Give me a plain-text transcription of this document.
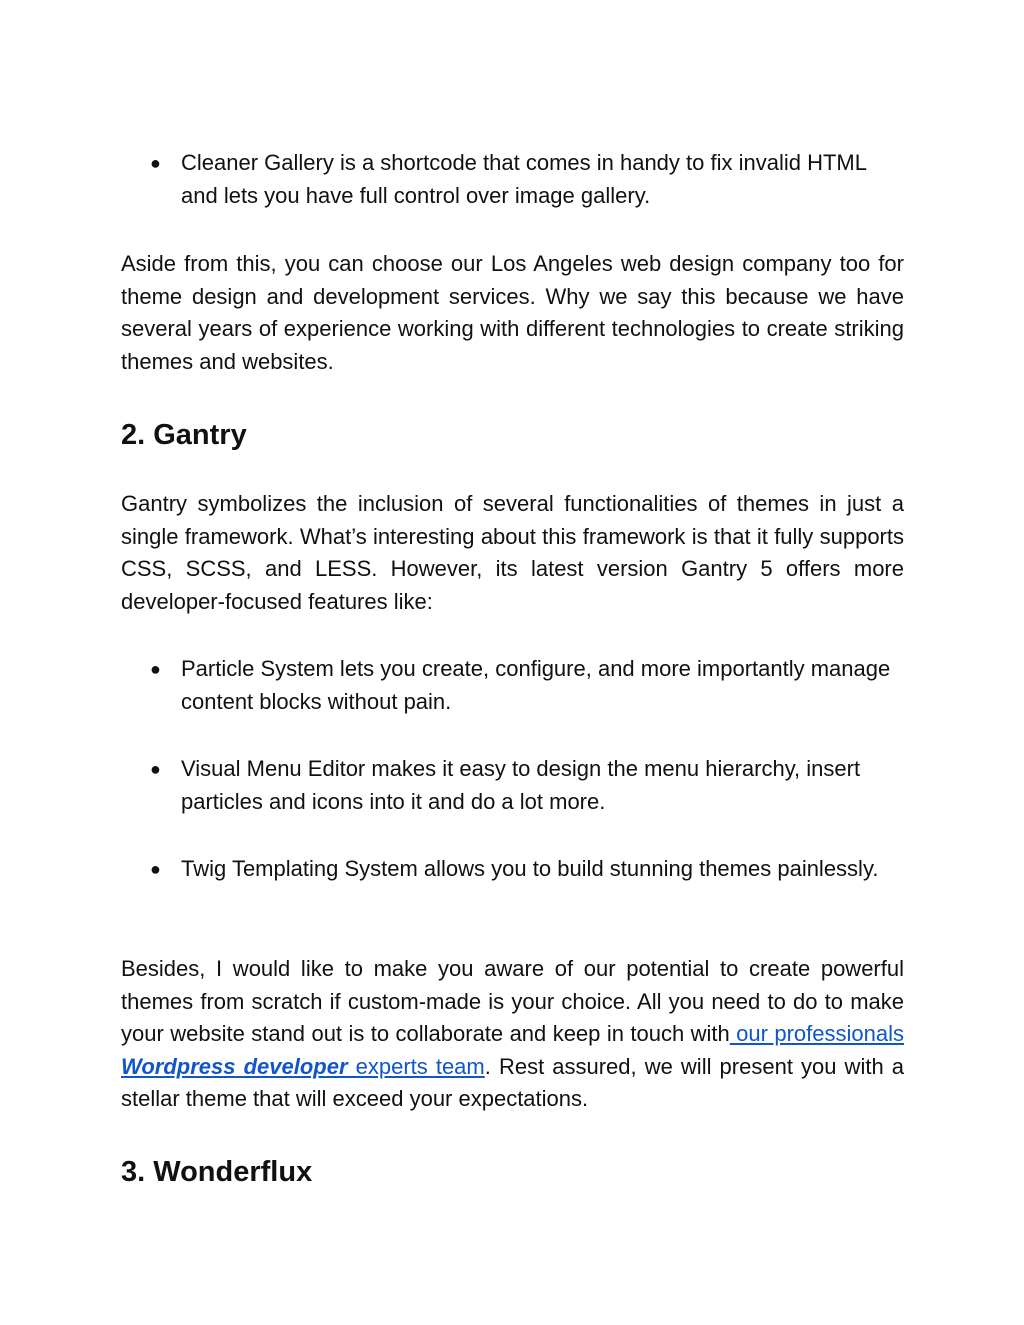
● Cleaner Gallery is a shortcode that comes in handy to fix invalid HTML and lets you have full control over image gallery.

Aside from this, you can choose our Los Angeles web design company too for theme design and development services. Why we say this because we have several years of experience working with different technologies to create striking themes and websites.

2. Gantry

Gantry symbolizes the inclusion of several functionalities of themes in just a single framework. What’s interesting about this framework is that it fully supports CSS, SCSS, and LESS. However, its latest version Gantry 5 offers more developer-focused features like:

● Particle System lets you create, configure, and more importantly manage content blocks without pain.

● Visual Menu Editor makes it easy to design the menu hierarchy, insert particles and icons into it and do a lot more.

● Twig Templating System allows you to build stunning themes painlessly.

Besides, I would like to make you aware of our potential to create powerful themes from scratch if custom-made is your choice. All you need to do to make your website stand out is to collaborate and keep in touch with our professionals Wordpress developer experts team. Rest assured, we will present you with a stellar theme that will exceed your expectations.

3. Wonderflux
